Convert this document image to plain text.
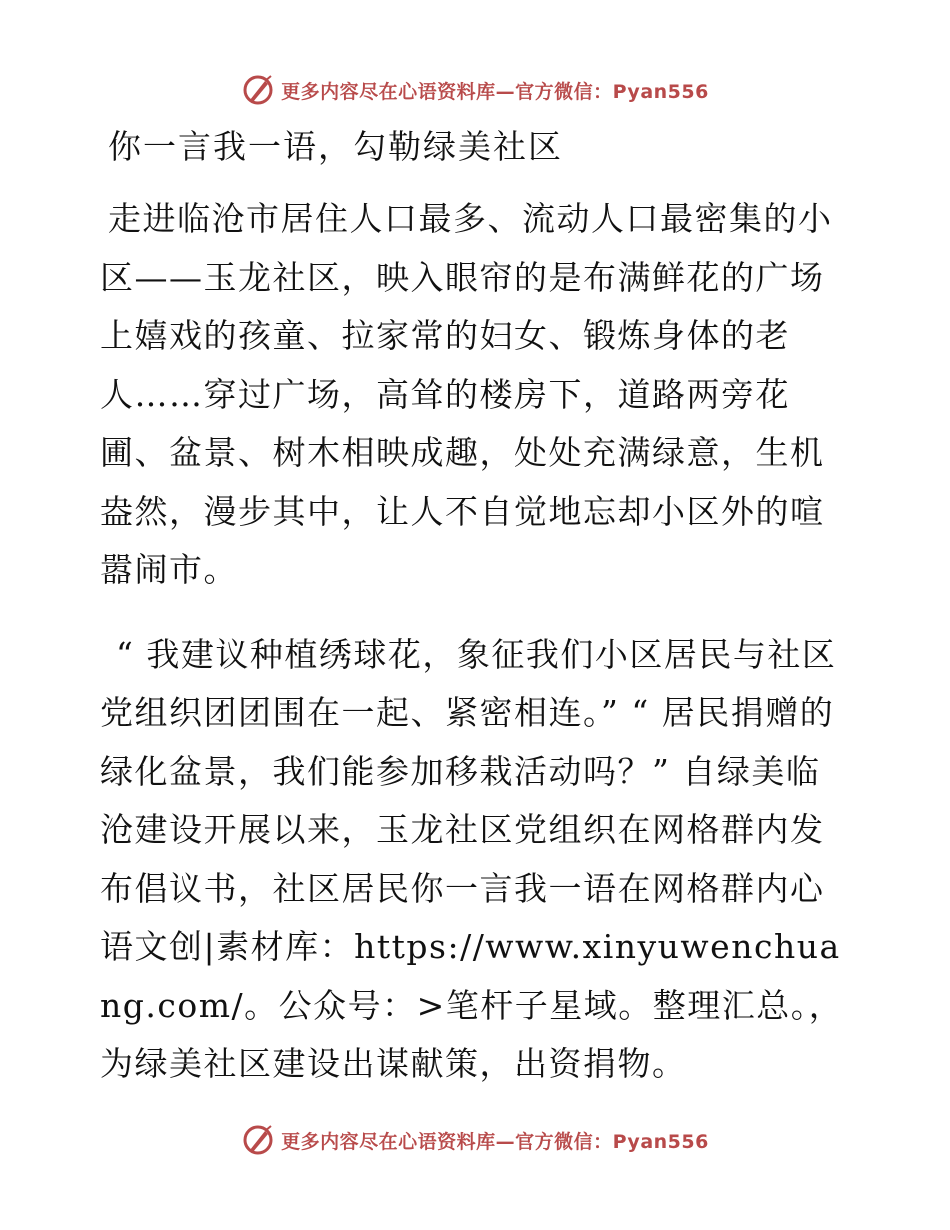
更多内容尽在心语资料库—官方微信：Pyan556
你一言我一语，勾勒绿美社区

走进临沧市居住人口最多、流动人口最密集的小区——玉龙社区，映入眼帘的是布满鲜花的广场上嬉戏的孩童、拉家常的妇女、锻炼身体的老人……穿过广场，高耸的楼房下，道路两旁花圃、盆景、树木相映成趣，处处充满绿意，生机盎然，漫步其中，让人不自觉地忘却小区外的喧嚣闹市。

“ 我建议种植绣球花，象征我们小区居民与社区党组织团团围在一起、紧密相连。” “ 居民捐赠的绿化盆景，我们能参加移栽活动吗？” 自绿美临沧建设开展以来，玉龙社区党组织在网格群内发布倡议书，社区居民你一言我一语在网格群内心语文创|素材库：https://www.xinyuwenchuang.com/。公众号：>笔杆子星域。整理汇总。，为绿美社区建设出谋献策，出资捐物。

更多内容尽在心语资料库—官方微信：Pyan556
